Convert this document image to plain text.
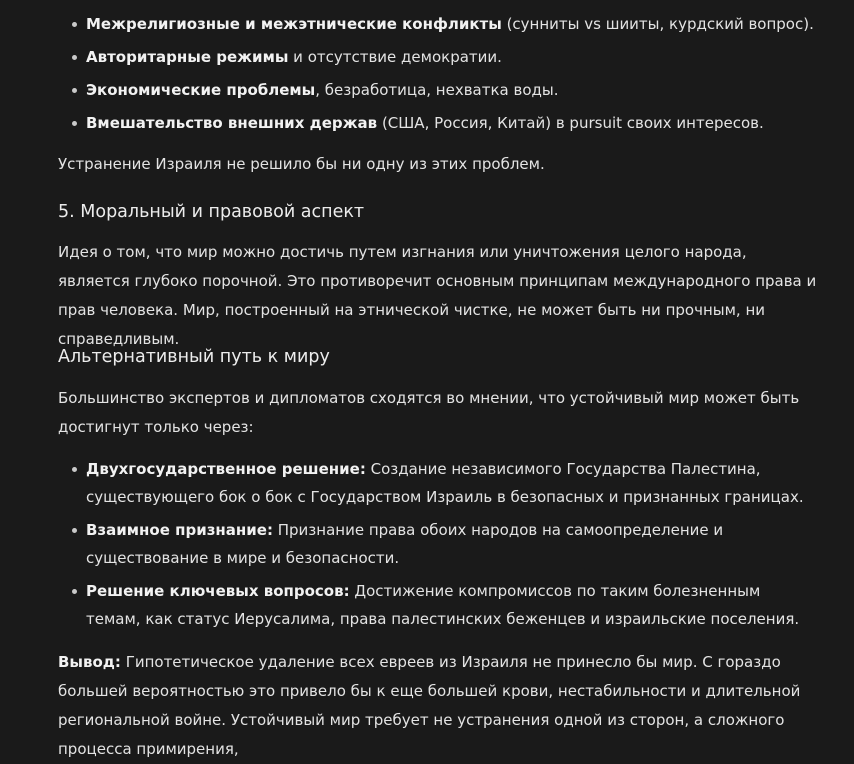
Межрелигиозные и межэтнические конфликты (сунниты vs шииты, курдский вопрос).
Авторитарные режимы и отсутствие демократии.
Экономические проблемы, безработица, нехватка воды.
Вмешательство внешних держав (США, Россия, Китай) в pursuit своих интересов.

Устранение Израиля не решило бы ни одну из этих проблем.

5. Моральный и правовой аспект

Идея о том, что мир можно достичь путем изгнания или уничтожения целого народа, является глубоко порочной. Это противоречит основным принципам международного права и прав человека. Мир, построенный на этнической чистке, не может быть ни прочным, ни справедливым.

Альтернативный путь к миру

Большинство экспертов и дипломатов сходятся во мнении, что устойчивый мир может быть достигнут только через:

Двухгосударственное решение: Создание независимого Государства Палестина, существующего бок о бок с Государством Израиль в безопасных и признанных границах.
Взаимное признание: Признание права обоих народов на самоопределение и существование в мире и безопасности.
Решение ключевых вопросов: Достижение компромиссов по таким болезненным темам, как статус Иерусалима, права палестинских беженцев и израильские поселения.

Вывод: Гипотетическое удаление всех евреев из Израиля не принесло бы мир. С гораздо большей вероятностью это привело бы к еще большей крови, нестабильности и длительной региональной войне. Устойчивый мир требует не устранения одной из сторон, а сложного процесса примирения,
